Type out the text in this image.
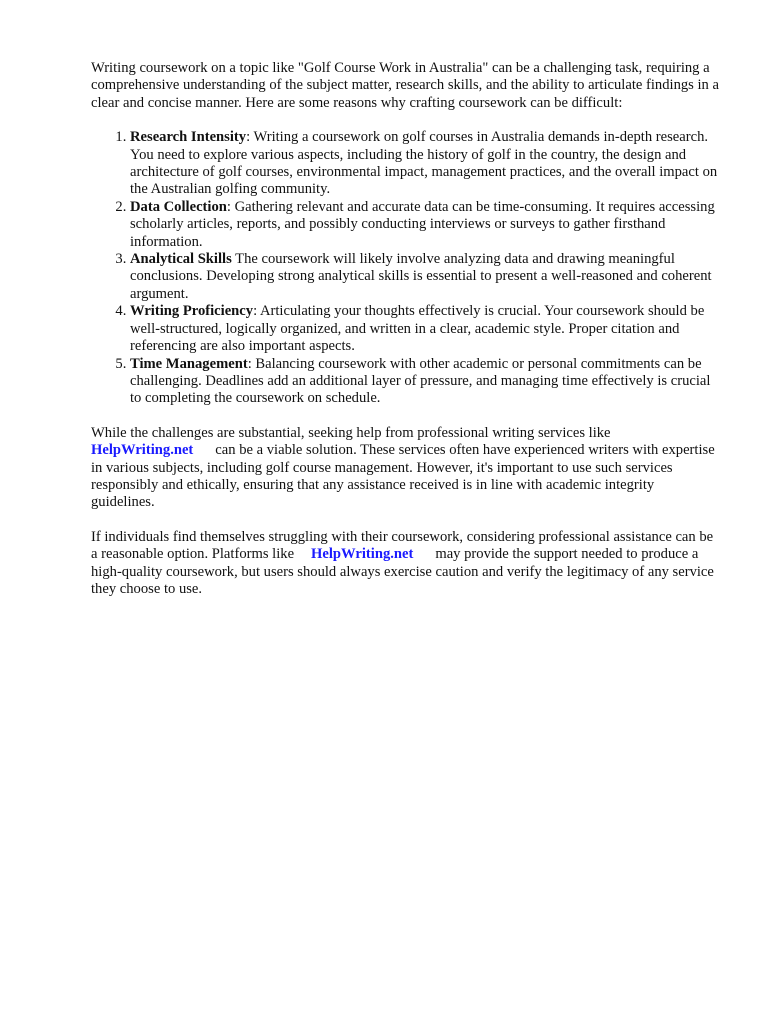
Writing coursework on a topic like "Golf Course Work in Australia" can be a challenging task, requiring a comprehensive understanding of the subject matter, research skills, and the ability to articulate findings in a clear and concise manner. Here are some reasons why crafting coursework can be difficult:

1. Research Intensity: Writing a coursework on golf courses in Australia demands in-depth research. You need to explore various aspects, including the history of golf in the country, the design and architecture of golf courses, environmental impact, management practices, and the overall impact on the Australian golfing community.
2. Data Collection: Gathering relevant and accurate data can be time-consuming. It requires accessing scholarly articles, reports, and possibly conducting interviews or surveys to gather firsthand information.
3. Analytical Skills The coursework will likely involve analyzing data and drawing meaningful conclusions. Developing strong analytical skills is essential to present a well-reasoned and coherent argument.
4. Writing Proficiency: Articulating your thoughts effectively is crucial. Your coursework should be well-structured, logically organized, and written in a clear, academic style. Proper citation and referencing are also important aspects.
5. Time Management: Balancing coursework with other academic or personal commitments can be challenging. Deadlines add an additional layer of pressure, and managing time effectively is crucial to completing the coursework on schedule.

While the challenges are substantial, seeking help from professional writing services like
HelpWriting.net can be a viable solution. These services often have experienced writers with expertise in various subjects, including golf course management. However, it's important to use such services responsibly and ethically, ensuring that any assistance received is in line with academic integrity guidelines.

If individuals find themselves struggling with their coursework, considering professional assistance can be a reasonable option. Platforms like HelpWriting.net may provide the support needed to produce a high-quality coursework, but users should always exercise caution and verify the legitimacy of any service they choose to use.
